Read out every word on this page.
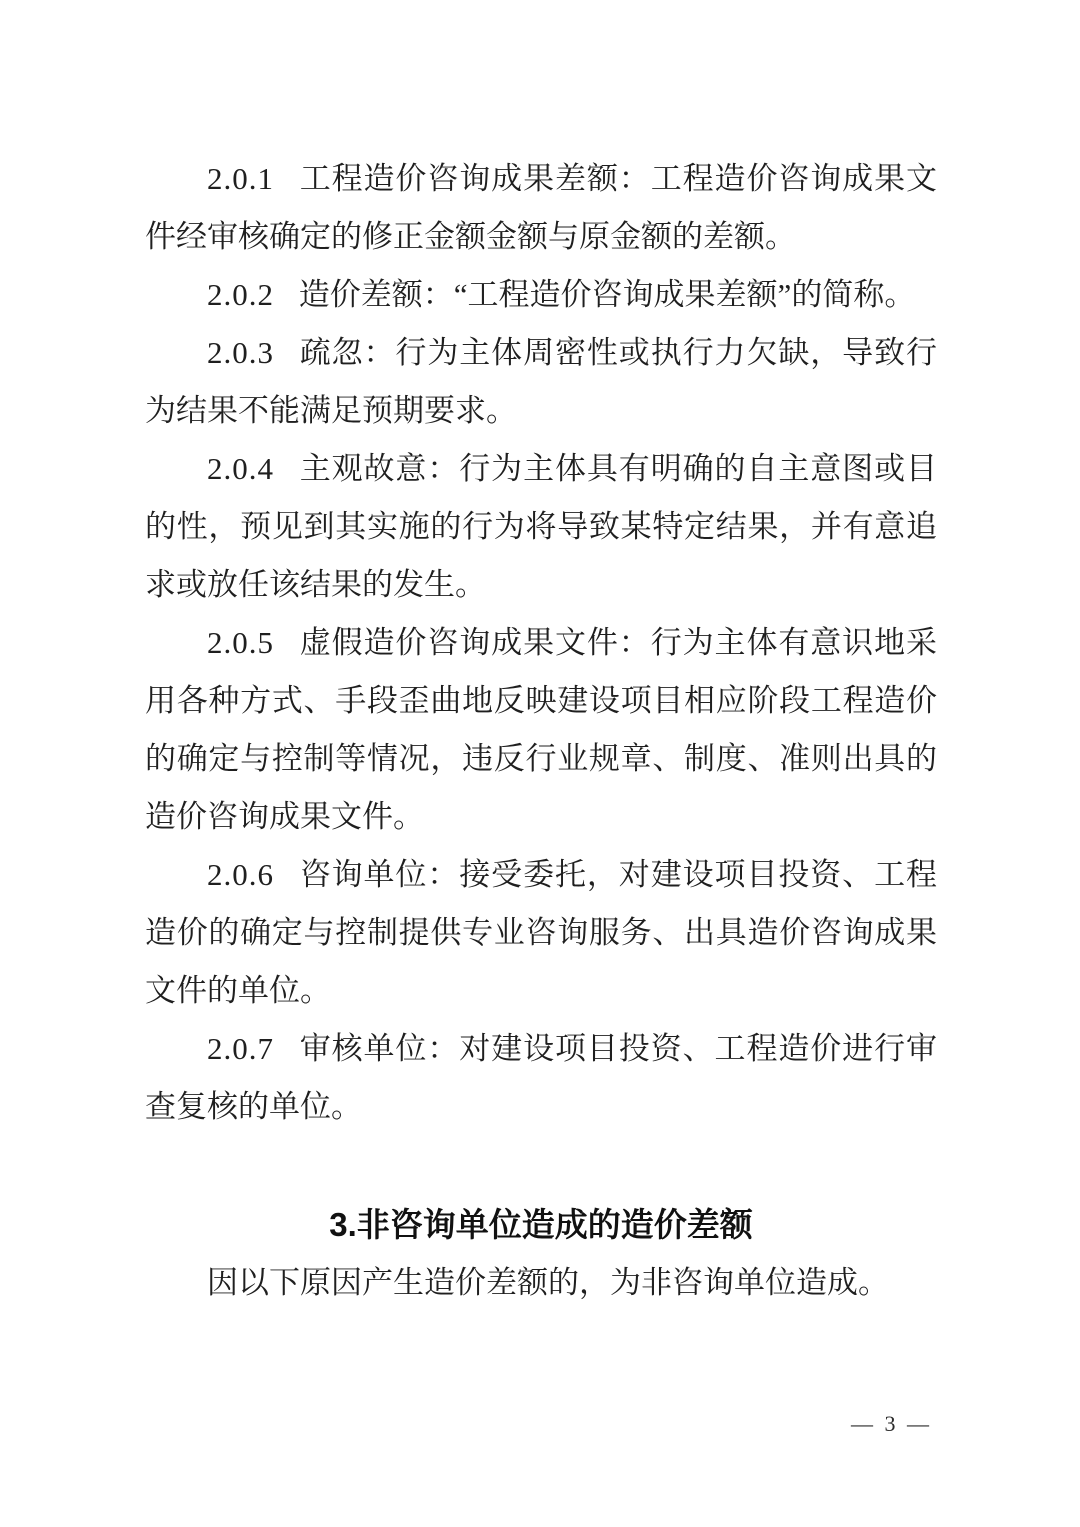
2.0.1 工程造价咨询成果差额：工程造价咨询成果文件经审核确定的修正金额金额与原金额的差额。

2.0.2 造价差额：“工程造价咨询成果差额”的简称。

2.0.3 疏忽：行为主体周密性或执行力欠缺，导致行为结果不能满足预期要求。

2.0.4 主观故意：行为主体具有明确的自主意图或目的性，预见到其实施的行为将导致某特定结果，并有意追求或放任该结果的发生。

2.0.5 虚假造价咨询成果文件：行为主体有意识地采用各种方式、手段歪曲地反映建设项目相应阶段工程造价的确定与控制等情况，违反行业规章、制度、准则出具的造价咨询成果文件。

2.0.6 咨询单位：接受委托，对建设项目投资、工程造价的确定与控制提供专业咨询服务、出具造价咨询成果文件的单位。

2.0.7 审核单位：对建设项目投资、工程造价进行审查复核的单位。

3.非咨询单位造成的造价差额

因以下原因产生造价差额的，为非咨询单位造成。

— 3 —
